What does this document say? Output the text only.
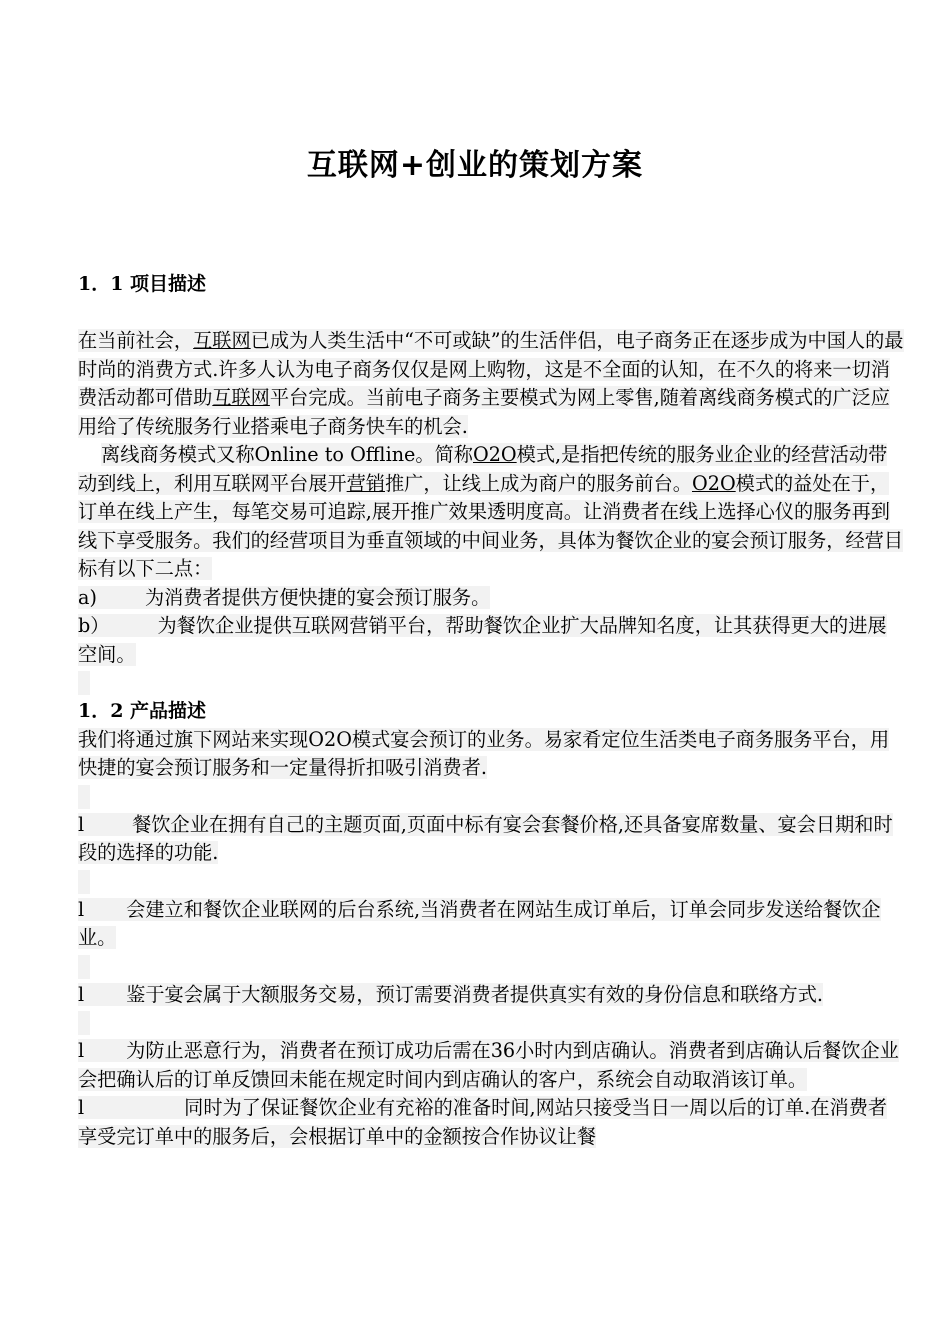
互联网+创业的策划方案

1．1 项目描述

在当前社会，互联网已成为人类生活中“不可或缺”的生活伴侣，电子商务正在逐步成为中国人的最时尚的消费方式.许多人认为电子商务仅仅是网上购物，这是不全面的认知，在不久的将来一切消费活动都可借助互联网平台完成。当前电子商务主要模式为网上零售,随着离线商务模式的广泛应用给了传统服务行业搭乘电子商务快车的机会.

离线商务模式又称Online to Offline。简称O2O模式,是指把传统的服务业企业的经营活动带动到线上，利用互联网平台展开营销推广，让线上成为商户的服务前台。O2O模式的益处在于，订单在线上产生，每笔交易可追踪,展开推广效果透明度高。让消费者在线上选择心仪的服务再到线下享受服务。我们的经营项目为垂直领域的中间业务，具体为餐饮企业的宴会预订服务，经营目标有以下二点：

a)	为消费者提供方便快捷的宴会预订服务。

b）	为餐饮企业提供互联网营销平台，帮助餐饮企业扩大品牌知名度，让其获得更大的进展空间。

1．2 产品描述

我们将通过旗下网站来实现O2O模式宴会预订的业务。易家肴定位生活类电子商务服务平台，用快捷的宴会预订服务和一定量得折扣吸引消费者.

l	餐饮企业在拥有自己的主题页面,页面中标有宴会套餐价格,还具备宴席数量、宴会日期和时段的选择的功能.

l 会建立和餐饮企业联网的后台系统,当消费者在网站生成订单后，订单会同步发送给餐饮企业。

l 鉴于宴会属于大额服务交易，预订需要消费者提供真实有效的身份信息和联络方式.

l 为防止恶意行为，消费者在预订成功后需在36小时内到店确认。消费者到店确认后餐饮企业会把确认后的订单反馈回未能在规定时间内到店确认的客户，系统会自动取消该订单。

l	同时为了保证餐饮企业有充裕的准备时间,网站只接受当日一周以后的订单.在消费者享受完订单中的服务后，会根据订单中的金额按合作协议让餐
